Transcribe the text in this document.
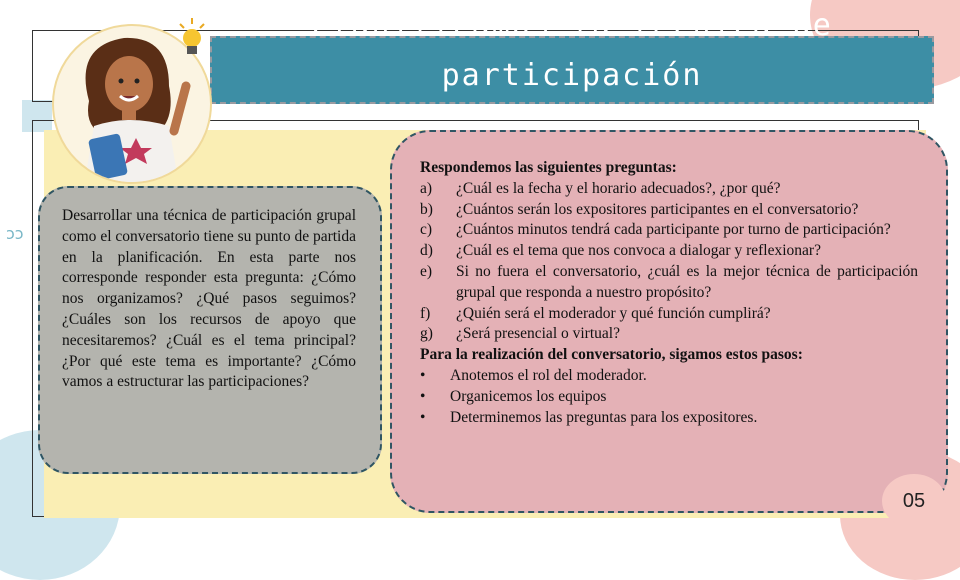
ↄↄ
Planificamos la técnica de
participación

Desarrollar una técnica de participación grupal como el conversatorio tiene su punto de partida en la planificación. En esta parte nos corresponde responder esta pregunta: ¿Cómo nos organizamos? ¿Qué pasos seguimos? ¿Cuáles son los recursos de apoyo que necesitaremos? ¿Cuál es el tema principal? ¿Por qué este tema es importante? ¿Cómo vamos a estructurar las participaciones?

Respondemos las siguientes preguntas:

a)	¿Cuál es la fecha y el horario adecuados?, ¿por qué?
b)	¿Cuántos serán los expositores participantes en el conversatorio?
c)	¿Cuántos minutos tendrá cada participante por turno de participación?
d)	¿Cuál es el tema que nos convoca a dialogar y reflexionar?
e)	Si no fuera el conversatorio, ¿cuál es la mejor técnica de participación grupal que responda a nuestro propósito?
f)	¿Quién será el moderador y qué función cumplirá?
g)	¿Será presencial o virtual?

Para la realización del conversatorio, sigamos estos pasos:

•	Anotemos el rol del moderador.
•	Organicemos los equipos
•	Determinemos las preguntas para los expositores.
05
